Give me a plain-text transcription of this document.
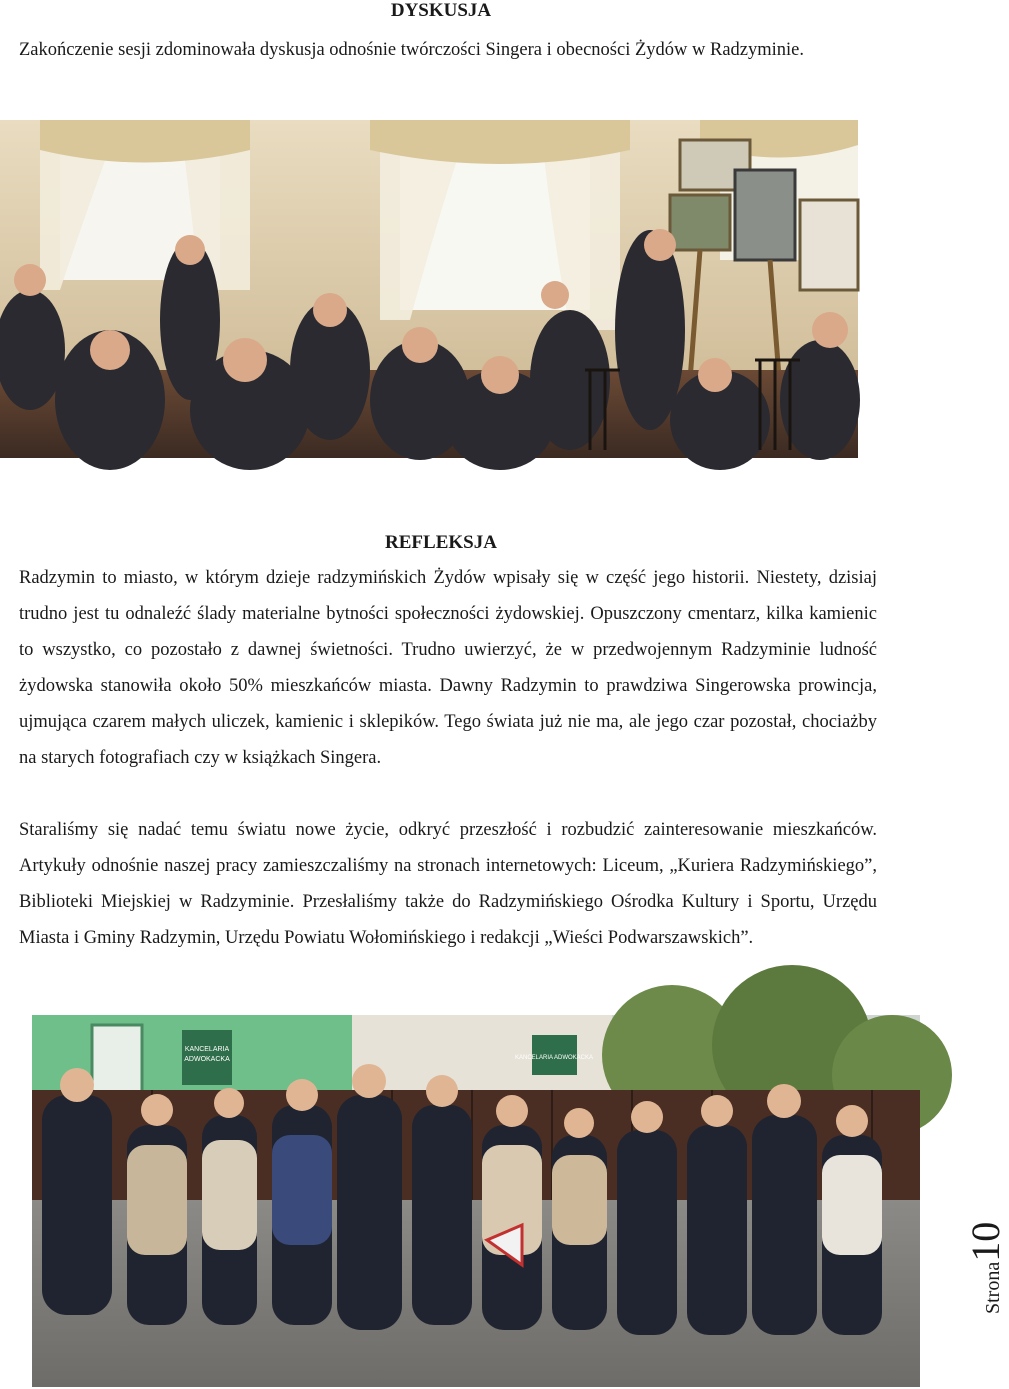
DYSKUSJA

Zakończenie sesji zdominowała dyskusja odnośnie twórczości Singera i obecności Żydów w Radzyminie.

REFLEKSJA

Radzymin to miasto, w którym dzieje radzymińskich Żydów wpisały się w część jego historii. Niestety, dzisiaj trudno jest tu odnaleźć ślady materialne bytności społeczności żydowskiej. Opuszczony cmentarz, kilka kamienic to wszystko, co pozostało z dawnej świetności. Trudno uwierzyć, że w przedwojennym Radzyminie ludność żydowska stanowiła około 50% mieszkańców miasta. Dawny Radzymin to prawdziwa Singerowska prowincja, ujmująca czarem małych uliczek, kamienic i sklepików. Tego świata już nie ma, ale jego czar pozostał, chociażby na starych fotografiach czy w książkach Singera.

Staraliśmy się nadać temu światu nowe życie, odkryć przeszłość i rozbudzić zainteresowanie mieszkańców. Artykuły odnośnie naszej pracy zamieszczaliśmy na stronach internetowych: Liceum, „Kuriera Radzymińskiego”, Biblioteki Miejskiej w Radzyminie. Przesłaliśmy także do Radzymińskiego Ośrodka Kultury i Sportu, Urzędu Miasta i Gminy Radzymin, Urzędu Powiatu Wołomińskiego i redakcji „Wieści Podwarszawskich”.

KANCELARIA
ADWOKACKA	KANCELARIA ADWOKACKA
Strona10
